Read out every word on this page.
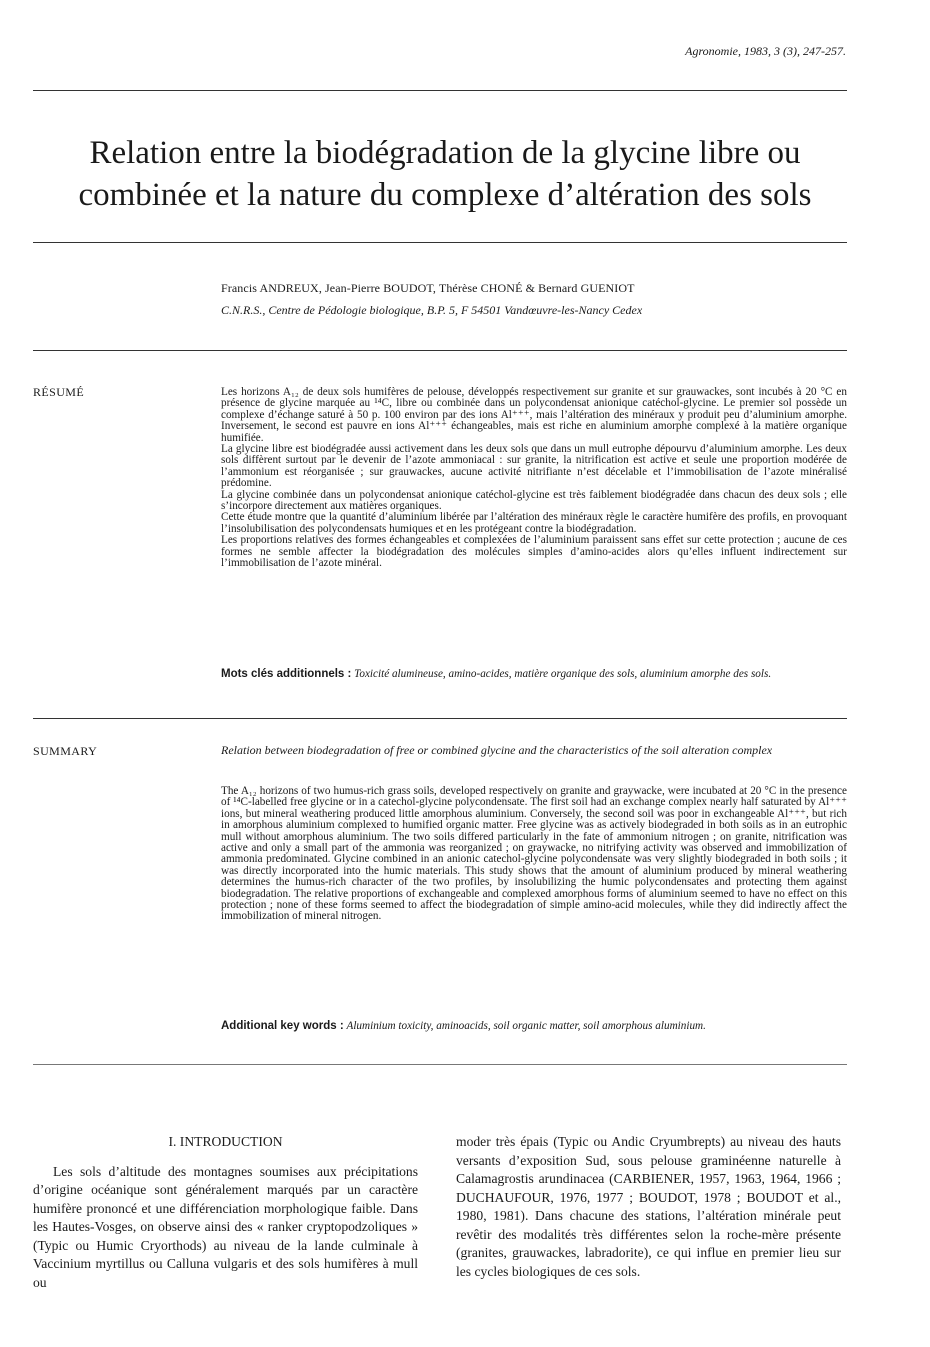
Agronomie, 1983, 3 (3), 247-257.
Relation entre la biodégradation de la glycine libre ou combinée et la nature du complexe d’altération des sols
Francis ANDREUX, Jean-Pierre BOUDOT, Thérèse CHONÉ & Bernard GUENIOT
C.N.R.S., Centre de Pédologie biologique, B.P. 5, F 54501 Vandœuvre-les-Nancy Cedex
RÉSUMÉ	Les horizons A₁₂ de deux sols humifères de pelouse, développés respectivement sur granite et sur grauwackes, sont incubés à 20 °C en présence de glycine marquée au ¹⁴C, libre ou combinée dans un polycondensat anionique catéchol-glycine. Le premier sol possède un complexe d’échange saturé à 50 p. 100 environ par des ions Al⁺⁺⁺, mais l’altération des minéraux y produit peu d’aluminium amorphe. Inversement, le second est pauvre en ions Al⁺⁺⁺ échangeables, mais est riche en aluminium amorphe complexé à la matière organique humifiée.

La glycine libre est biodégradée aussi activement dans les deux sols que dans un mull eutrophe dépourvu d’aluminium amorphe. Les deux sols diffèrent surtout par le devenir de l’azote ammoniacal : sur granite, la nitrification est active et seule une proportion modérée de l’ammonium est réorganisée ; sur grauwackes, aucune activité nitrifiante n’est décelable et l’immobilisation de l’azote minéralisé prédomine.

La glycine combinée dans un polycondensat anionique catéchol-glycine est très faiblement biodégradée dans chacun des deux sols ; elle s’incorpore directement aux matières organiques.

Cette étude montre que la quantité d’aluminium libérée par l’altération des minéraux règle le caractère humifère des profils, en provoquant l’insolubilisation des polycondensats humiques et en les protégeant contre la biodégradation.

Les proportions relatives des formes échangeables et complexées de l’aluminium paraissent sans effet sur cette protection ; aucune de ces formes ne semble affecter la biodégradation des molécules simples d’amino-acides alors qu’elles influent indirectement sur l’immobilisation de l’azote minéral.

Mots clés additionnels : Toxicité alumineuse, amino-acides, matière organique des sols, aluminium amorphe des sols.
SUMMARY	Relation between biodegradation of free or combined glycine and the characteristics of the soil alteration complex

The A₁₂ horizons of two humus-rich grass soils, developed respectively on granite and graywacke, were incubated at 20 °C in the presence of ¹⁴C-labelled free glycine or in a catechol-glycine polycondensate. The first soil had an exchange complex nearly half saturated by Al⁺⁺⁺ ions, but mineral weathering produced little amorphous aluminium. Conversely, the second soil was poor in exchangeable Al⁺⁺⁺, but rich in amorphous aluminium complexed to humified organic matter. Free glycine was as actively biodegraded in both soils as in an eutrophic mull without amorphous aluminium. The two soils differed particularly in the fate of ammonium nitrogen ; on granite, nitrification was active and only a small part of the ammonia was reorganized ; on graywacke, no nitrifying activity was observed and immobilization of ammonia predominated. Glycine combined in an anionic catechol-glycine polycondensate was very slightly biodegraded in both soils ; it was directly incorporated into the humic materials. This study shows that the amount of aluminium produced by mineral weathering determines the humus-rich character of the two profiles, by insolubilizing the humic polycondensates and protecting them against biodegradation. The relative proportions of exchangeable and complexed amorphous forms of aluminium seemed to have no effect on this protection ; none of these forms seemed to affect the biodegradation of simple amino-acid molecules, while they did indirectly affect the immobilization of mineral nitrogen.

Additional key words : Aluminium toxicity, aminoacids, soil organic matter, soil amorphous aluminium.
I. INTRODUCTION

Les sols d’altitude des montagnes soumises aux précipitations d’origine océanique sont généralement marqués par un caractère humifère prononcé et une différenciation morphologique faible. Dans les Hautes-Vosges, on observe ainsi des « ranker cryptopodzoliques » (Typic ou Humic Cryorthods) au niveau de la lande culminale à Vaccinium myrtillus ou Calluna vulgaris et des sols humifères à mull ou

moder très épais (Typic ou Andic Cryumbrepts) au niveau des hauts versants d’exposition Sud, sous pelouse graminéenne naturelle à Calamagrostis arundinacea (CARBIENER, 1957, 1963, 1964, 1966 ; DUCHAUFOUR, 1976, 1977 ; BOUDOT, 1978 ; BOUDOT et al., 1980, 1981). Dans chacune des stations, l’altération minérale peut revêtir des modalités très différentes selon la roche-mère présente (granites, grauwackes, labradorite), ce qui influe en premier lieu sur les cycles biologiques de ces sols.
